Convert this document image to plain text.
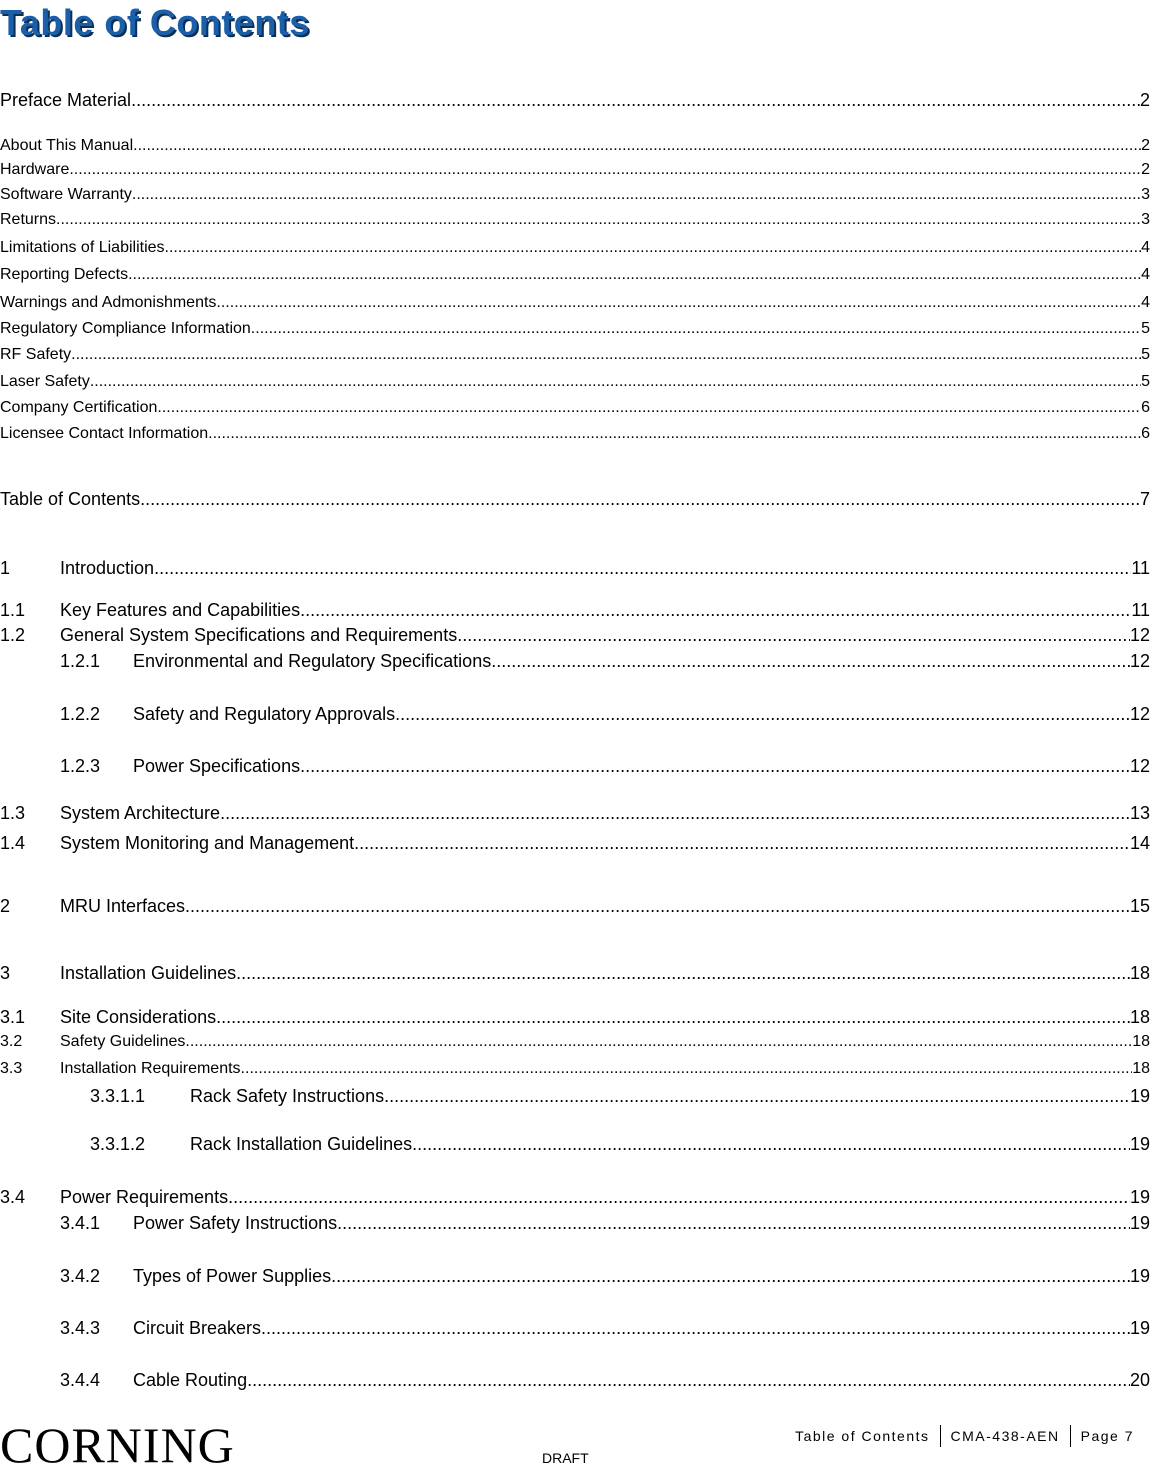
Table of Contents
Preface Material .....	2
About This Manual .....	2
Hardware .....	2
Software Warranty .....	3
Returns .....	3
Limitations of Liabilities .....	4
Reporting Defects .....	4
Warnings and Admonishments .....	4
Regulatory Compliance Information .....	5
RF Safety .....	5
Laser Safety .....	5
Company Certification .....	6
Licensee Contact Information .....	6
Table of Contents .....	7
1	Introduction .....	11
1.1	Key Features and Capabilities .....	11
1.2	General System Specifications and Requirements .....	12
1.2.1	Environmental and Regulatory Specifications .....	12
1.2.2	Safety and Regulatory Approvals .....	12
1.2.3	Power Specifications .....	12
1.3	System Architecture .....	13
1.4	System Monitoring and Management .....	14
2	MRU Interfaces .....	15
3	Installation Guidelines .....	18
3.1	Site Considerations .....	18
3.2	Safety Guidelines .....	18
3.3	Installation Requirements .....	18
3.3.1.1	Rack Safety Instructions .....	19
3.3.1.2	Rack Installation Guidelines .....	19
3.4	Power Requirements .....	19
3.4.1	Power Safety Instructions .....	19
3.4.2	Types of Power Supplies .....	19
3.4.3	Circuit Breakers .....	19
3.4.4	Cable Routing .....	20
CORNING	Table of Contents	CMA-438-AEN	Page 7
DRAFT
